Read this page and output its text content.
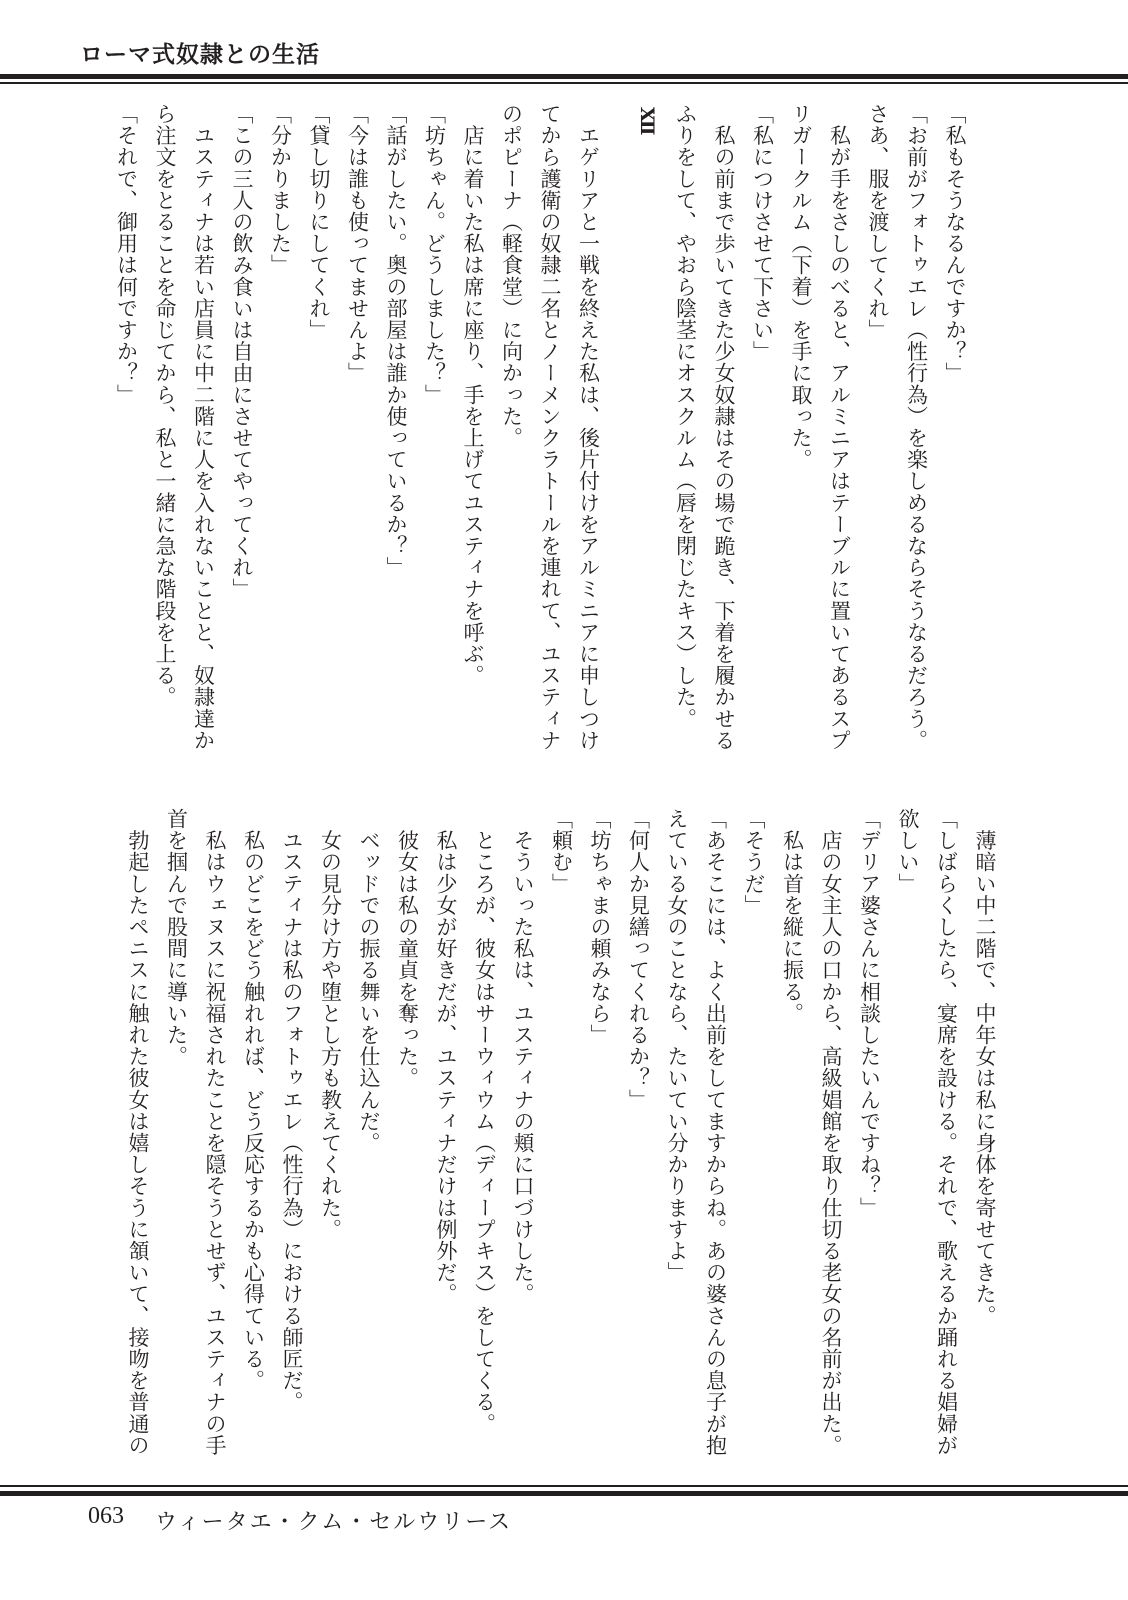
ローマ式奴隷との生活

「私もそうなるんですか？」

「お前がフォトゥエレ（性行為）を楽しめるならそうなるだろう。

さあ、服を渡してくれ」

　私が手をさしのべると、アルミニアはテーブルに置いてあるスプ

リガークルム（下着）を手に取った。

「私につけさせて下さい」

　私の前まで歩いてきた少女奴隷はその場で跪き、下着を履かせる

ふりをして、やおら陰茎にオスクルム（唇を閉じたキス）した。

XII

　エゲリアと一戦を終えた私は、後片付けをアルミニアに申しつけ

てから護衛の奴隷二名とノーメンクラトールを連れて、ユスティナ

のポピーナ（軽食堂）に向かった。

　店に着いた私は席に座り、手を上げてユスティナを呼ぶ。

「坊ちゃん。どうしました？」

「話がしたい。奥の部屋は誰か使っているか？」

「今は誰も使ってませんよ」

「貸し切りにしてくれ」

「分かりました」

「この三人の飲み食いは自由にさせてやってくれ」

　ユスティナは若い店員に中二階に人を入れないことと、奴隷達か

ら注文をとることを命じてから、私と一緒に急な階段を上る。

「それで、御用は何ですか？」

　薄暗い中二階で、中年女は私に身体を寄せてきた。

「しばらくしたら、宴席を設ける。それで、歌えるか踊れる娼婦が

欲しい」

「デリア婆さんに相談したいんですね？」

　店の女主人の口から、高級娼館を取り仕切る老女の名前が出た。

　私は首を縦に振る。

「そうだ」

「あそこには、よく出前をしてますからね。あの婆さんの息子が抱

えている女のことなら、たいてい分かりますよ」

「何人か見繕ってくれるか？」

「坊ちゃまの頼みなら」

「頼む」

　そういった私は、ユスティナの頬に口づけした。

　ところが、彼女はサーウィウム（ディープキス）をしてくる。

　私は少女が好きだが、ユスティナだけは例外だ。

　彼女は私の童貞を奪った。

　ベッドでの振る舞いを仕込んだ。

　女の見分け方や堕とし方も教えてくれた。

　ユスティナは私のフォトゥエレ（性行為）における師匠だ。

　私のどこをどう触れれば、どう反応するかも心得ている。

　私はウェヌスに祝福されたことを隠そうとせず、ユスティナの手

首を掴んで股間に導いた。

　勃起したペニスに触れた彼女は嬉しそうに頷いて、接吻を普通の

063 ウィータエ・クム・セルウリース
